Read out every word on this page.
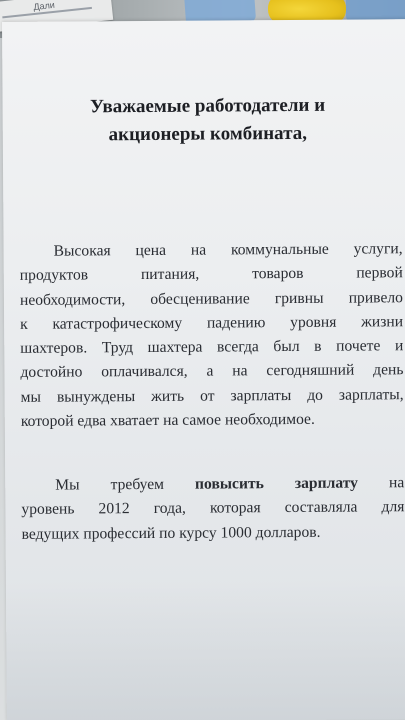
Дали
Уважаемые работодатели и
акционеры комбината,
Высокая цена на коммунальные услуги,
продуктов питания, товаров первой
необходимости, обесценивание гривны привело
к катастрофическому падению уровня жизни
шахтеров. Труд шахтера всегда был в почете и
достойно оплачивался, а на сегодняшний день
мы вынуждены жить от зарплаты до зарплаты,
которой едва хватает на самое необходимое.
Мы требуем повысить зарплату на
уровень 2012 года, которая составляла для
ведущих профессий по курсу 1000 долларов.
